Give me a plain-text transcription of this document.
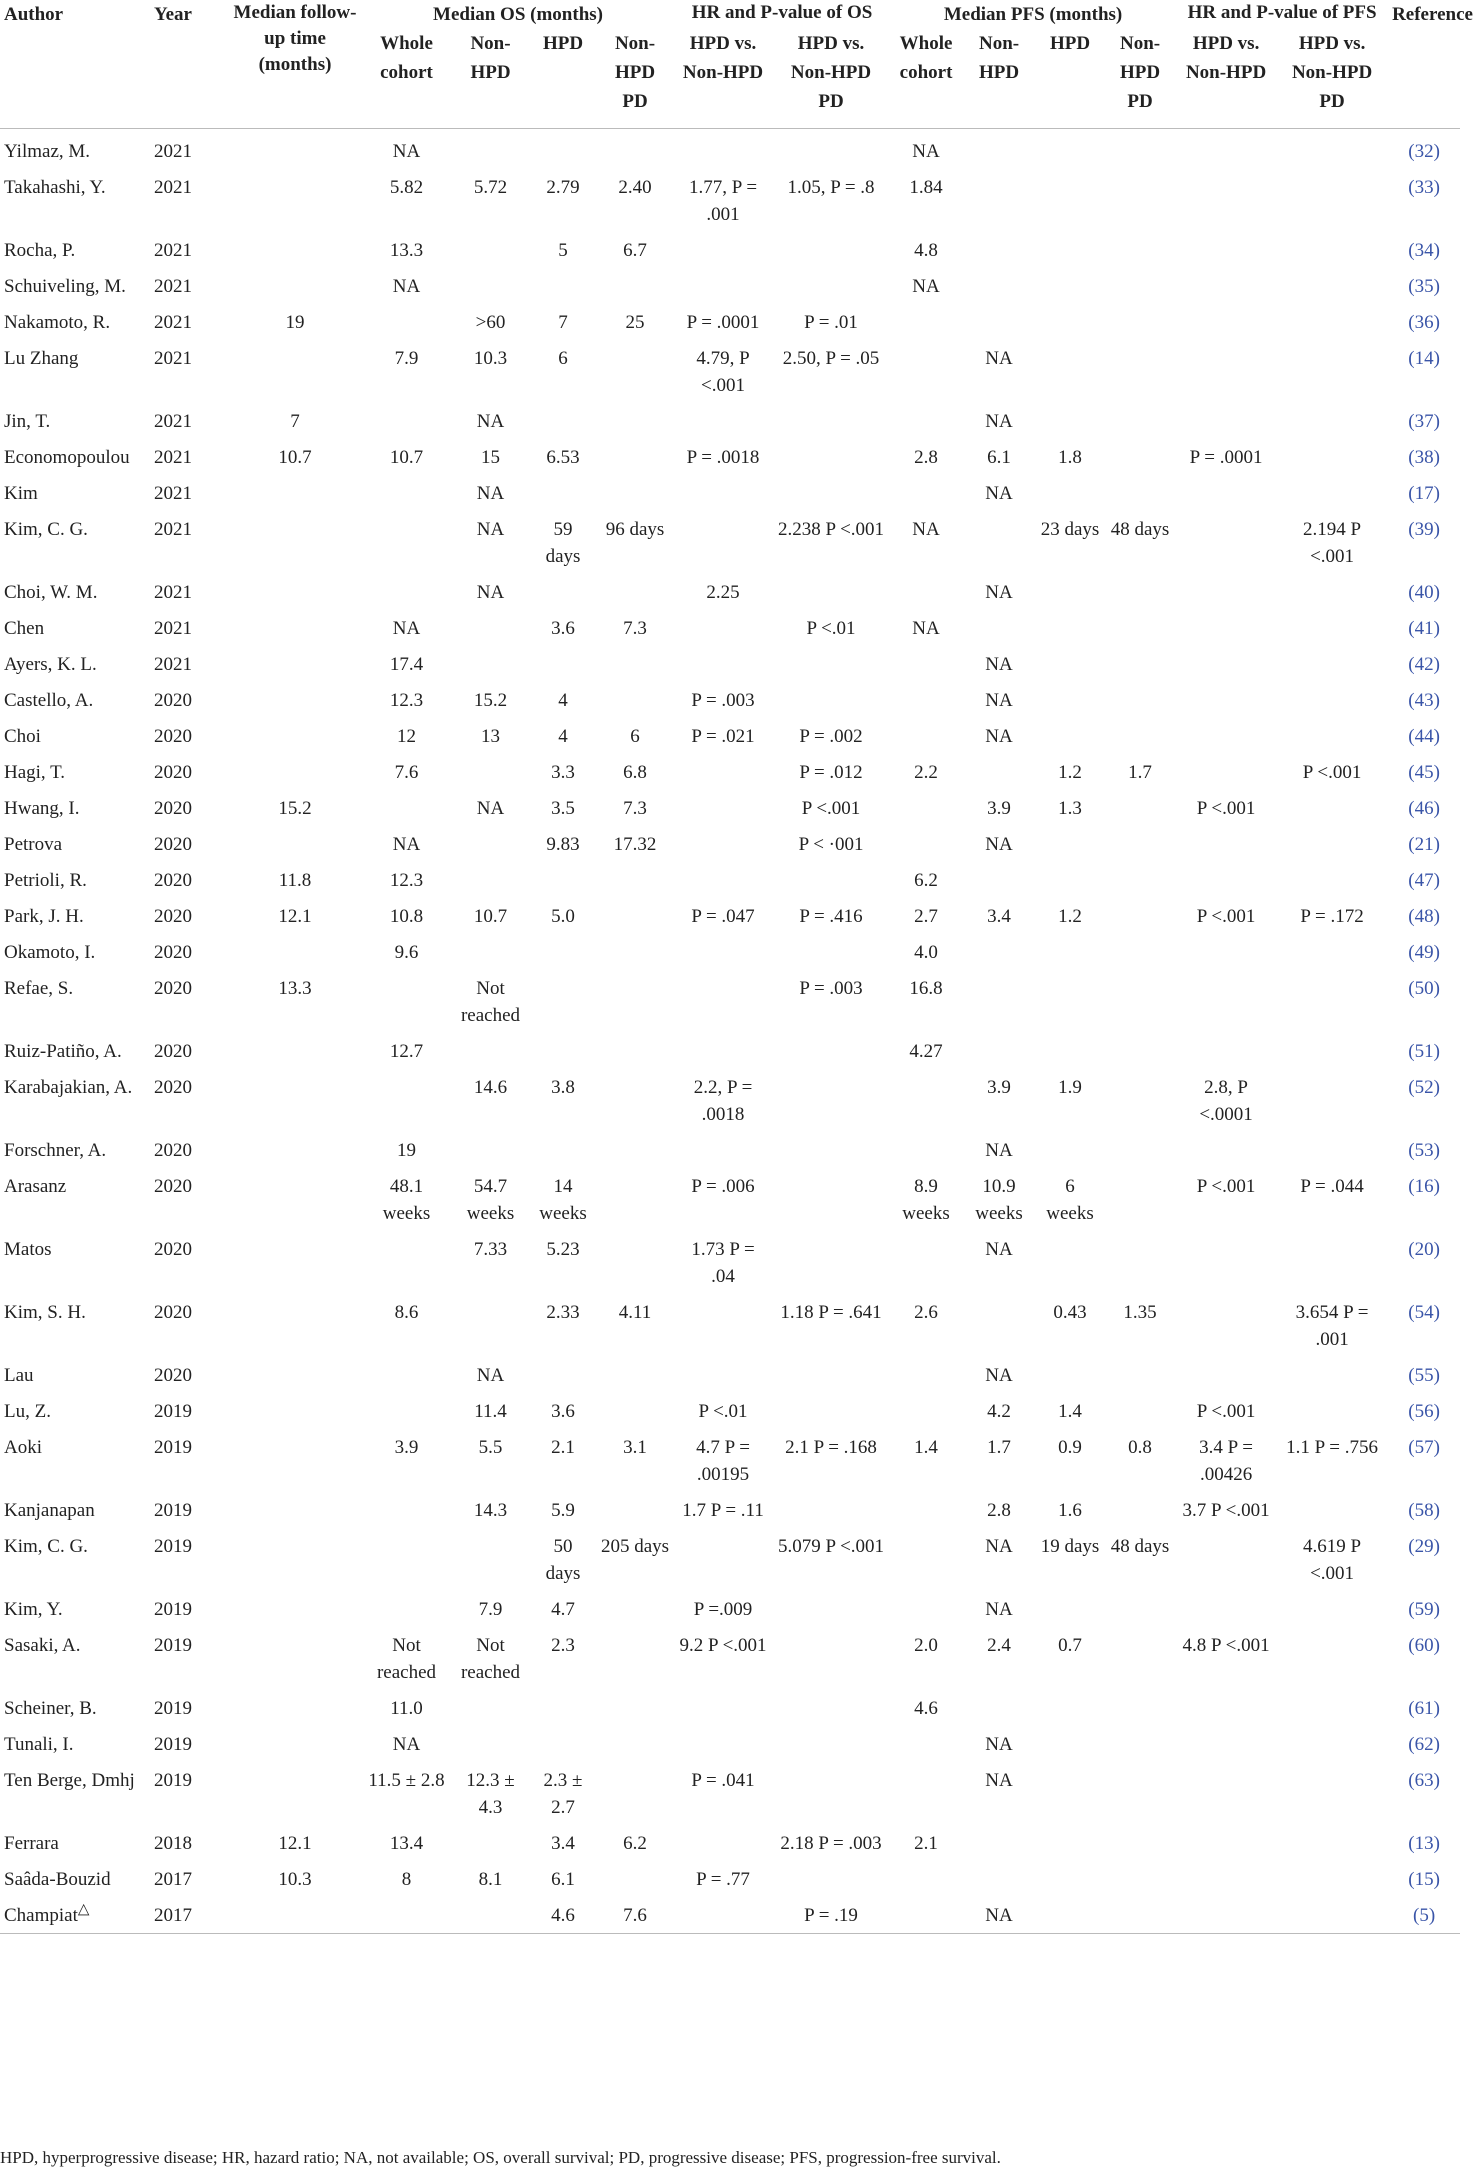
Author	Year	Median follow-up time (months)	Median OS (months)				HR and P-value of OS		Median PFS (months)				HR and P-value of PFS		Reference
			Whole cohort	Non-HPD	HPD	Non-HPD PD	HPD vs. Non-HPD	HPD vs. Non-HPD PD	Whole cohort	Non-HPD	HPD	Non-HPD PD	HPD vs. Non-HPD	HPD vs. Non-HPD PD	
Yilmaz, M.	2021		NA						NA						(32)
Takahashi, Y.	2021		5.82	5.72	2.79	2.40	1.77, P = .001	1.05, P = .8	1.84						(33)
Rocha, P.	2021		13.3		5	6.7			4.8						(34)
Schuiveling, M.	2021		NA						NA						(35)
Nakamoto, R.	2021	19		>60	7	25	P = .0001	P = .01							(36)
Lu Zhang	2021		7.9	10.3	6		4.79, P <.001	2.50, P = .05		NA					(14)
Jin, T.	2021	7		NA						NA					(37)
Economopoulou	2021	10.7	10.7	15	6.53		P = .0018		2.8	6.1	1.8		P = .0001		(38)
Kim	2021			NA						NA					(17)
Kim, C. G.	2021			NA	59 days	96 days		2.238 P <.001	NA		23 days	48 days		2.194 P <.001	(39)
Choi, W. M.	2021			NA			2.25			NA					(40)
Chen	2021		NA		3.6	7.3		P <.01	NA						(41)
Ayers, K. L.	2021		17.4							NA					(42)
Castello, A.	2020		12.3	15.2	4		P = .003			NA					(43)
Choi	2020		12	13	4	6	P = .021	P = .002		NA					(44)
Hagi, T.	2020		7.6		3.3	6.8		P = .012	2.2		1.2	1.7		P <.001	(45)
Hwang, I.	2020	15.2		NA	3.5	7.3		P <.001		3.9	1.3		P <.001		(46)
Petrova	2020		NA		9.83	17.32		P < ·001		NA					(21)
Petrioli, R.	2020	11.8	12.3						6.2						(47)
Park, J. H.	2020	12.1	10.8	10.7	5.0		P = .047	P = .416	2.7	3.4	1.2		P <.001	P = .172	(48)
Okamoto, I.	2020		9.6						4.0						(49)
Refae, S.	2020	13.3		Not reached				P = .003	16.8						(50)
Ruiz-Patiño, A.	2020		12.7						4.27						(51)
Karabajakian, A.	2020			14.6	3.8		2.2, P = .0018			3.9	1.9		2.8, P <.0001		(52)
Forschner, A.	2020		19							NA					(53)
Arasanz	2020		48.1 weeks	54.7 weeks	14 weeks		P = .006		8.9 weeks	10.9 weeks	6 weeks		P <.001	P = .044	(16)
Matos	2020			7.33	5.23		1.73 P = .04			NA					(20)
Kim, S. H.	2020		8.6		2.33	4.11		1.18 P = .641	2.6		0.43	1.35		3.654 P = .001	(54)
Lau	2020			NA						NA					(55)
Lu, Z.	2019			11.4	3.6		P <.01			4.2	1.4		P <.001		(56)
Aoki	2019		3.9	5.5	2.1	3.1	4.7 P = .00195	2.1 P = .168	1.4	1.7	0.9	0.8	3.4 P = .00426	1.1 P = .756	(57)
Kanjanapan	2019			14.3	5.9		1.7 P = .11			2.8	1.6		3.7 P <.001		(58)
Kim, C. G.	2019				50 days	205 days		5.079 P <.001		NA	19 days	48 days		4.619 P <.001	(29)
Kim, Y.	2019			7.9	4.7		P =.009			NA					(59)
Sasaki, A.	2019		Not reached	Not reached	2.3		9.2 P <.001		2.0	2.4	0.7		4.8 P <.001		(60)
Scheiner, B.	2019		11.0						4.6						(61)
Tunali, I.	2019		NA							NA					(62)
Ten Berge, Dmhj	2019		11.5 ± 2.8	12.3 ± 4.3	2.3 ± 2.7		P = .041			NA					(63)
Ferrara	2018	12.1	13.4		3.4	6.2		2.18 P = .003	2.1						(13)
Saâda-Bouzid	2017	10.3	8	8.1	6.1		P = .77								(15)
Champiat△	2017				4.6	7.6		P = .19		NA					(5)
HPD, hyperprogressive disease; HR, hazard ratio; NA, not available; OS, overall survival; PD, progressive disease; PFS, progression-free survival.
